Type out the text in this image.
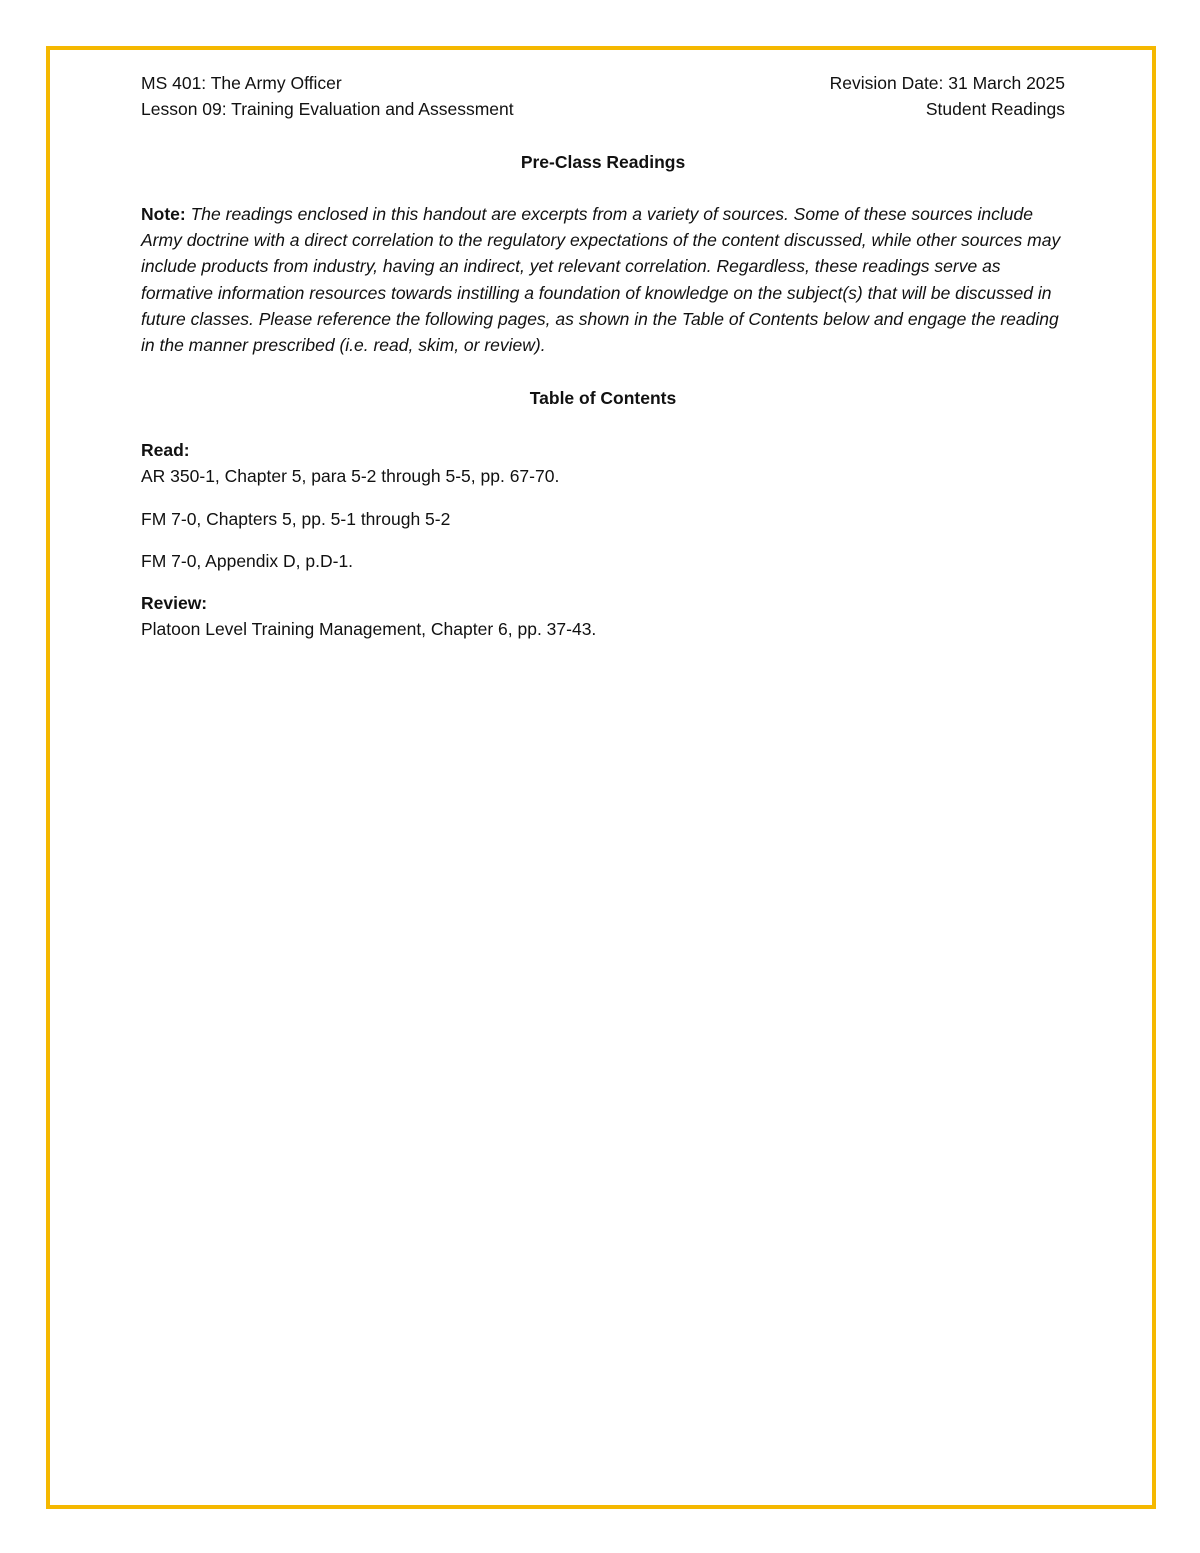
MS 401: The Army Officer
Lesson 09: Training Evaluation and Assessment
Revision Date: 31 March 2025
Student Readings
Pre-Class Readings
Note: The readings enclosed in this handout are excerpts from a variety of sources. Some of these sources include Army doctrine with a direct correlation to the regulatory expectations of the content discussed, while other sources may include products from industry, having an indirect, yet relevant correlation. Regardless, these readings serve as formative information resources towards instilling a foundation of knowledge on the subject(s) that will be discussed in future classes. Please reference the following pages, as shown in the Table of Contents below and engage the reading in the manner prescribed (i.e. read, skim, or review).
Table of Contents
Read:
AR 350-1, Chapter 5, para 5-2 through 5-5, pp. 67-70.
FM 7-0, Chapters 5, pp. 5-1 through 5-2
FM 7-0, Appendix D, p.D-1.
Review:
Platoon Level Training Management, Chapter 6, pp. 37-43.
